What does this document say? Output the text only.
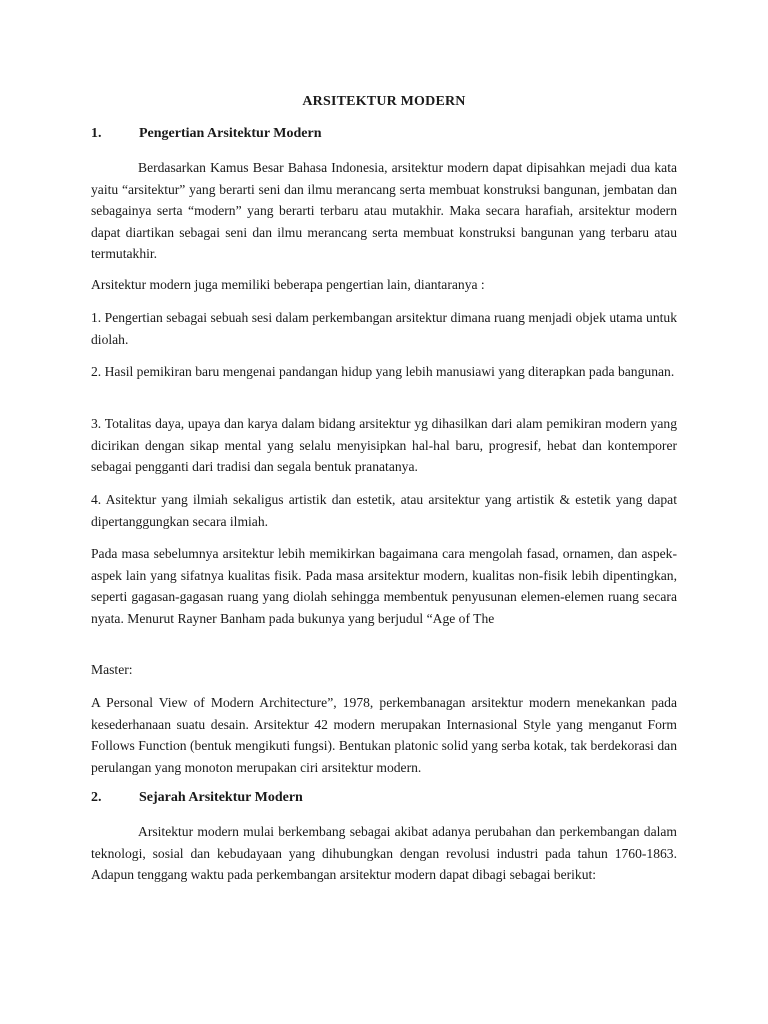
ARSITEKTUR MODERN
1.	Pengertian Arsitektur Modern

Berdasarkan Kamus Besar Bahasa Indonesia, arsitektur modern dapat dipisahkan mejadi dua kata yaitu “arsitektur” yang berarti seni dan ilmu merancang serta membuat konstruksi bangunan, jembatan dan sebagainya serta “modern” yang berarti terbaru atau mutakhir. Maka secara harafiah, arsitektur modern dapat diartikan sebagai seni dan ilmu merancang serta membuat konstruksi bangunan yang terbaru atau termutakhir.

Arsitektur modern juga memiliki beberapa pengertian lain, diantaranya :

1. Pengertian sebagai sebuah sesi dalam perkembangan arsitektur dimana ruang menjadi objek utama untuk diolah.

2. Hasil pemikiran baru mengenai pandangan hidup yang lebih manusiawi yang diterapkan pada bangunan.

3. Totalitas daya, upaya dan karya dalam bidang arsitektur yg dihasilkan dari alam pemikiran modern yang dicirikan dengan sikap mental yang selalu menyisipkan hal-hal baru, progresif, hebat dan kontemporer sebagai pengganti dari tradisi dan segala bentuk pranatanya.

4. Asitektur yang ilmiah sekaligus artistik dan estetik, atau arsitektur yang artistik & estetik yang dapat dipertanggungkan secara ilmiah.

Pada masa sebelumnya arsitektur lebih memikirkan bagaimana cara mengolah fasad, ornamen, dan aspek-aspek lain yang sifatnya kualitas fisik. Pada masa arsitektur modern, kualitas non-fisik lebih dipentingkan, seperti gagasan-gagasan ruang yang diolah sehingga membentuk penyusunan elemen-elemen ruang secara nyata. Menurut Rayner Banham pada bukunya yang berjudul “Age of The

Master:

A Personal View of Modern Architecture”, 1978, perkembanagan arsitektur modern menekankan pada kesederhanaan suatu desain. Arsitektur 42 modern merupakan Internasional Style yang menganut Form Follows Function (bentuk mengikuti fungsi). Bentukan platonic solid yang serba kotak, tak berdekorasi dan perulangan yang monoton merupakan ciri arsitektur modern.

2.	Sejarah Arsitektur Modern

Arsitektur modern mulai berkembang sebagai akibat adanya perubahan dan perkembangan dalam teknologi, sosial dan kebudayaan yang dihubungkan dengan revolusi industri pada tahun 1760-1863. Adapun tenggang waktu pada perkembangan arsitektur modern dapat dibagi sebagai berikut:
